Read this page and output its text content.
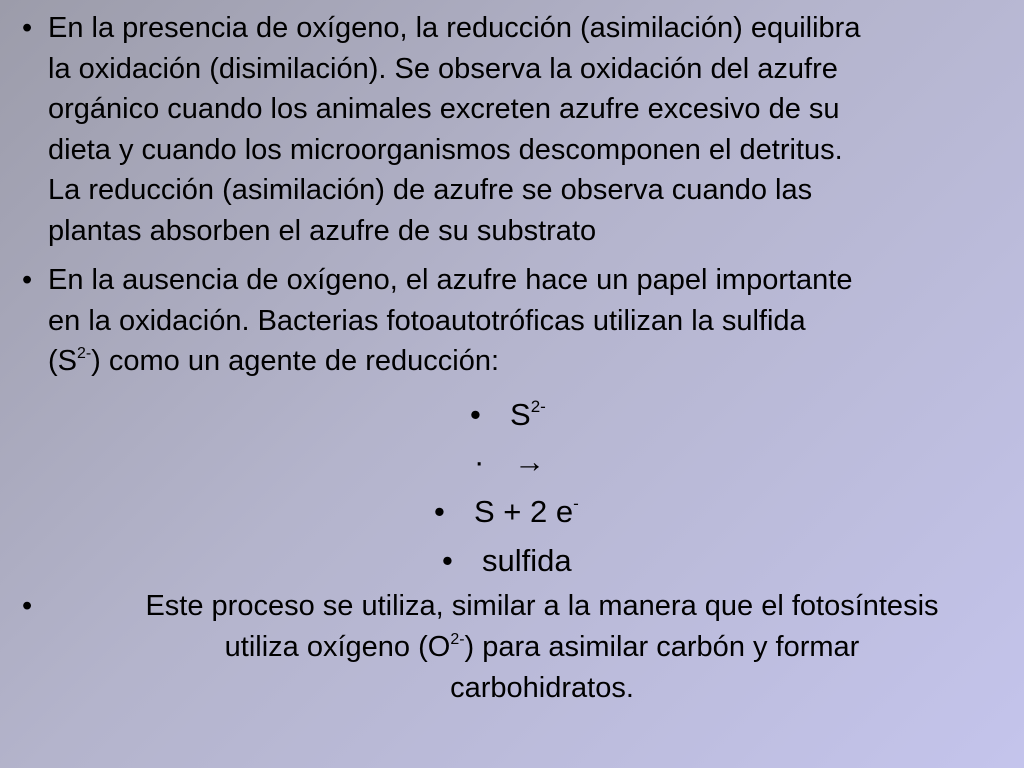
• En la presencia de oxígeno, la reducción (asimilación) equilibra
la oxidación (disimilación). Se observa la oxidación del azufre
orgánico cuando los animales excreten azufre excesivo de su
dieta y cuando los microorganismos descomponen el detritus.
La reducción (asimilación) de azufre se observa cuando las
plantas absorben el azufre de su substrato
• En la ausencia de oxígeno, el azufre hace un papel importante
en la oxidación. Bacterias fotoautotróficas utilizan la sulfida
$(S^{2-})$ como un agente de reducción:
• $S^{2-}$
· →
• S + 2 e-
• sulfida
•	Este proceso se utiliza, similar a la manera que el fotosíntesis
utiliza oxígeno $(O^{2-})$ para asimilar carbón y formar
carbohidratos.
